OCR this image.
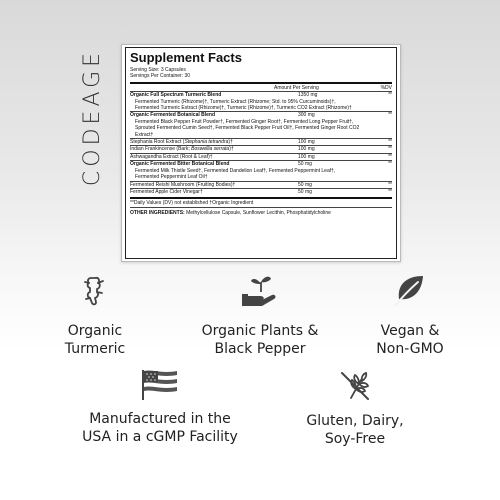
CODEAGE Supplement Facts
Serving Size: 3 Capsules
Servings Per Container: 30
Amount Per Serving	%DV
Organic Full Spectrum Turmeric Blend	1350 mg	**
Fermented Turmeric (Rhizome)†, Turmeric Extract (Rhizome; Std. to 95% Curcuminoids)†,
Fermented Turmeric Extract (Rhizome)†, Turmeric (Rhizome)†, Turmeric CO2 Extract (Rhizome)†
Organic Fermented Botanical Blend	300 mg	**
Fermented Black Pepper Fruit Powder†, Fermented Ginger Root†, Fermented Long Pepper Fruit†,
Sprouted Fermented Cumin Seed†, Fermented Black Pepper Fruit Oil†, Fermented Ginger Root CO2
Extract†
Stephania Root Extract (Stephania tetrandra)†	100 mg	**
Indian Frankincense (Bark; Boswellia serrata)†	100 mg	**
Ashwagandha Extract (Root & Leaf)†	100 mg	**
Organic Fermented Bitter Botanical Blend	50 mg	**
Fermented Milk Thistle Seed†, Fermented Dandelion Leaf†, Fermented Peppermint Leaf†,
Fermented Peppermint Leaf Oil†
Fermented Reishi Mushroom (Fruiting Bodies)†	50 mg	**
Fermented Apple Cider Vinegar†	50 mg	**
**Daily Values (DV) not established †Organic Ingredient
OTHER INGREDIENTS: Methylcellulose Capsule, Sunflower Lecithin, Phosphatidylcholine
Organic
Turmeric
Organic Plants &
Black Pepper
Vegan &
Non-GMO
Manufactured in the
USA in a cGMP Facility
Gluten, Dairy,
Soy-Free
